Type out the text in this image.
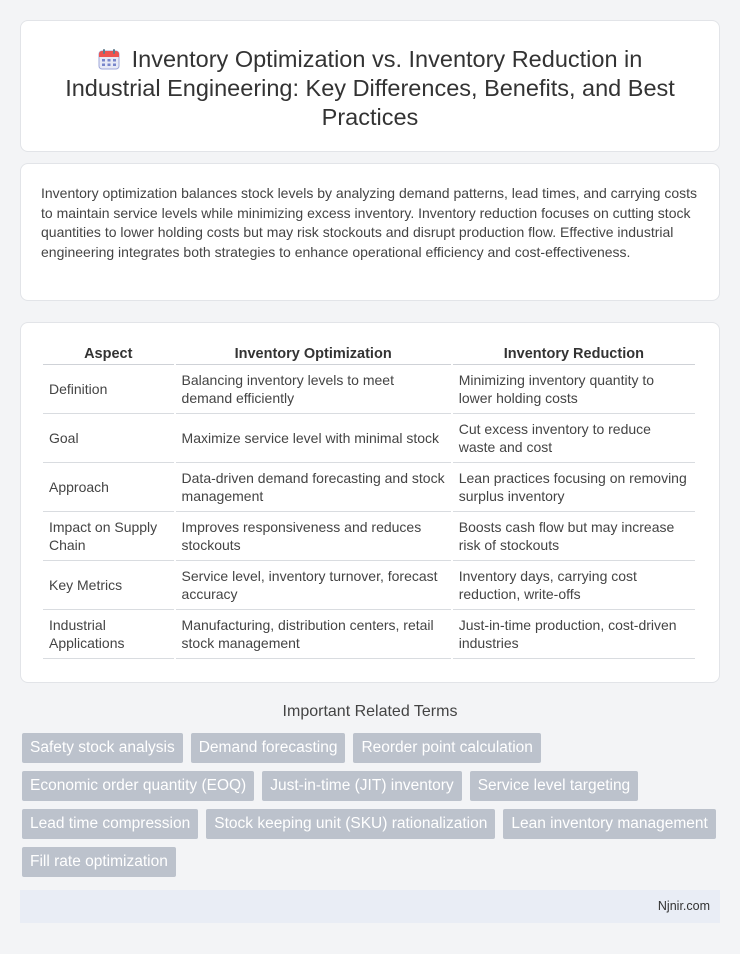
Inventory Optimization vs. Inventory Reduction in Industrial Engineering: Key Differences, Benefits, and Best Practices

Inventory optimization balances stock levels by analyzing demand patterns, lead times, and carrying costs to maintain service levels while minimizing excess inventory. Inventory reduction focuses on cutting stock quantities to lower holding costs but may risk stockouts and disrupt production flow. Effective industrial engineering integrates both strategies to enhance operational efficiency and cost-effectiveness.

Aspect	Inventory Optimization	Inventory Reduction
Definition	Balancing inventory levels to meet demand efficiently	Minimizing inventory quantity to lower holding costs
Goal	Maximize service level with minimal stock	Cut excess inventory to reduce waste and cost
Approach	Data-driven demand forecasting and stock management	Lean practices focusing on removing surplus inventory
Impact on Supply Chain	Improves responsiveness and reduces stockouts	Boosts cash flow but may increase risk of stockouts
Key Metrics	Service level, inventory turnover, forecast accuracy	Inventory days, carrying cost reduction, write-offs
Industrial Applications	Manufacturing, distribution centers, retail stock management	Just-in-time production, cost-driven industries
Important Related Terms
Safety stock analysis	Demand forecasting	Reorder point calculation
Economic order quantity (EOQ)	Just-in-time (JIT) inventory	Service level targeting
Lead time compression	Stock keeping unit (SKU) rationalization	Lean inventory management
Fill rate optimization
Njnir.com
